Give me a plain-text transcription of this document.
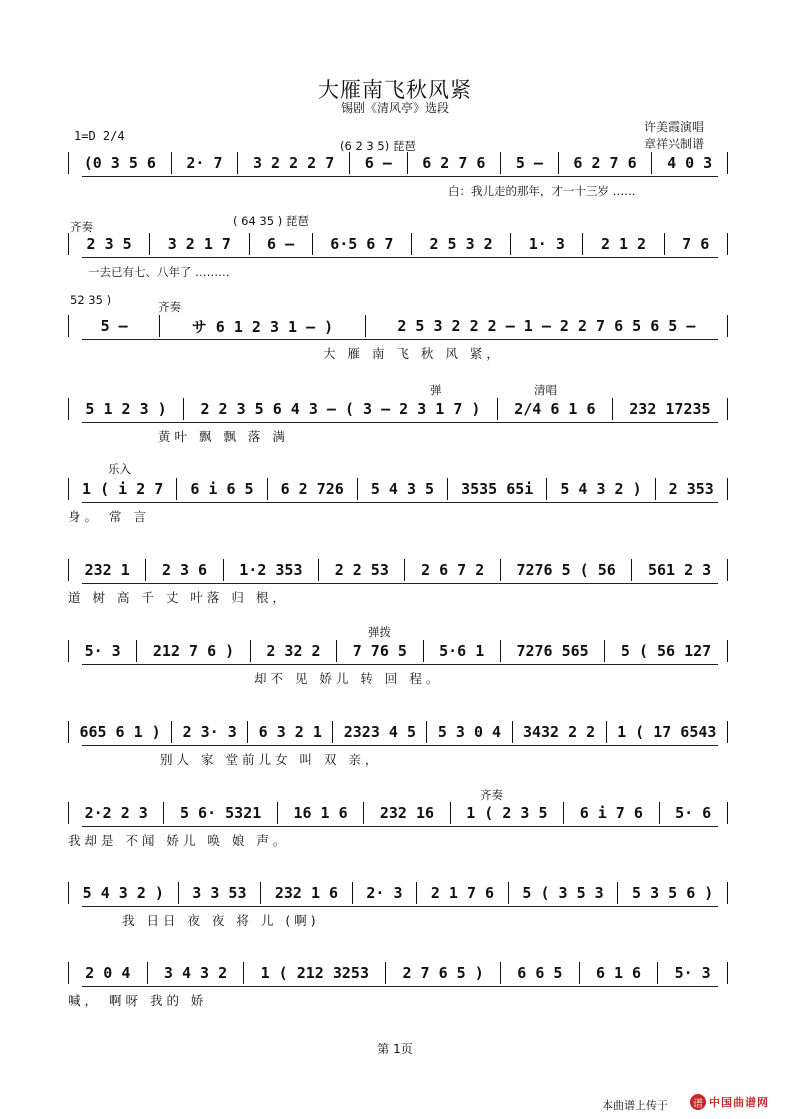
大雁南飞秋风紧
锡剧《清风亭》选段
1=D 2/4
许美霞演唱
章祥兴制谱
(0 3 5 6 2· 7 3 2 2 2 7 6 – 6 2 7 6 5 – 6 2 7 6 4 0 3
(6 2 3 5) 琵琶
白：我儿走的那年，才一十三岁 ……
2 3 5 3 2 1 7 6 – 6·5 6 7 2 5 3 2 1· 3 2 1 2 7 6
齐奏	( 64 35 ) 琵琶
一去已有七、八年了 ………
5 –	サ 6 1 2 3 1 – )	2 5 3 2 2 2 – 1 – 2 2 7 6 5 6 5 –
52 35 )	齐奏
大 雁 南 飞 秋 风 紧，
5 1 2 3 ) 2 2 3 5 6 4 3 – ( 3 – 2 3 1 7 ) 2/4 6 1 6 232 17235
弹	清唱
黄叶 飘 飘 落 满
1 ( i 2 7 6 i 6 5 6 2 726 5 4 3 5 3535 65i 5 4 3 2 ) 2 353
乐入
身。 常 言
232 1 2 3 6 1·2 353 2 2 53 2 6 7 2 7276 5 ( 56 561 2 3
道 树 高 千 丈 叶落 归 根，
5· 3 212 7 6 ) 2 32 2 7 76 5 5·6 1 7276 565 5 ( 56 127
弹拨
却不 见 娇儿 转 回 程。
665 6 1 ) 2 3· 3 6 3 2 1 2323 4 5 5 3 0 4 3432 2 2 1 ( 17 6543
别人 家 堂前儿女 叫 双 亲，
2·2 2 3 5 6· 5321 16 1 6 232 16 1 ( 2 3 5 6 i 7 6 5· 6
齐奏
我却是 不闻 娇儿 唤 娘 声。
5 4 3 2 ) 3 3 53 232 1 6 2· 3 2 1 7 6 5 ( 3 5 3 5 3 5 6 )
我 日日 夜 夜 将 儿 (啊)
2 0 4 3 4 3 2 1 ( 212 3253 2 7 6 5 ) 6 6 5 6 1 6 5· 3
喊， 啊呀 我的 娇
第 1页
本曲谱上传于	谱 中国曲谱网
